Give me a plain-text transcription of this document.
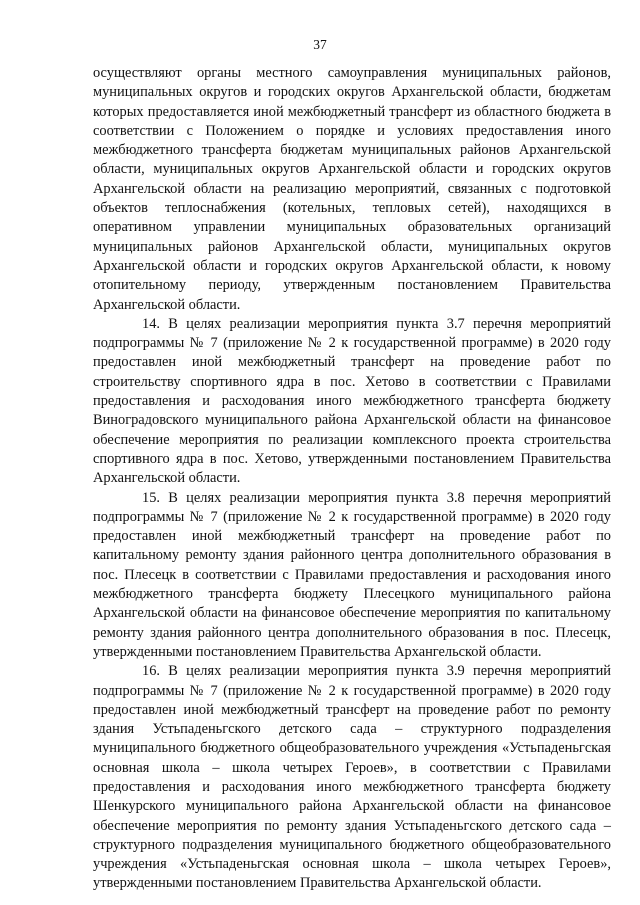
37

осуществляют органы местного самоуправления муниципальных районов, муниципальных округов и городских округов Архангельской области, бюджетам которых предоставляется иной межбюджетный трансферт из областного бюджета в соответствии с Положением о порядке и условиях предоставления иного межбюджетного трансферта бюджетам муниципальных районов Архангельской области, муниципальных округов Архангельской области и городских округов Архангельской области на реализацию мероприятий, связанных с подготовкой объектов теплоснабжения (котельных, тепловых сетей), находящихся в оперативном управлении муниципальных образовательных организаций муниципальных районов Архангельской области, муниципальных округов Архангельской области и городских округов Архангельской области, к новому отопительному периоду, утвержденным постановлением Правительства Архангельской области.

14. В целях реализации мероприятия пункта 3.7 перечня мероприятий подпрограммы № 7 (приложение № 2 к государственной программе) в 2020 году предоставлен иной межбюджетный трансферт на проведение работ по строительству спортивного ядра в пос. Хетово в соответствии с Правилами предоставления и расходования иного межбюджетного трансферта бюджету Виноградовского муниципального района Архангельской области на финансовое обеспечение мероприятия по реализации комплексного проекта строительства спортивного ядра в пос. Хетово, утвержденными постановлением Правительства Архангельской области.

15. В целях реализации мероприятия пункта 3.8 перечня мероприятий подпрограммы № 7 (приложение № 2 к государственной программе) в 2020 году предоставлен иной межбюджетный трансферт на проведение работ по капитальному ремонту здания районного центра дополнительного образования в пос. Плесецк в соответствии с Правилами предоставления и расходования иного межбюджетного трансферта бюджету Плесецкого муниципального района Архангельской области на финансовое обеспечение мероприятия по капитальному ремонту здания районного центра дополнительного образования в пос. Плесецк, утвержденными постановлением Правительства Архангельской области.

16. В целях реализации мероприятия пункта 3.9 перечня мероприятий подпрограммы № 7 (приложение № 2 к государственной программе) в 2020 году предоставлен иной межбюджетный трансферт на проведение работ по ремонту здания Устьпаденьгского детского сада – структурного подразделения муниципального бюджетного общеобразовательного учреждения «Устьпаденьгская основная школа – школа четырех Героев», в соответствии с Правилами предоставления и расходования иного межбюджетного трансферта бюджету Шенкурского муниципального района Архангельской области на финансовое обеспечение мероприятия по ремонту здания Устьпаденьгского детского сада – структурного подразделения муниципального бюджетного общеобразовательного учреждения «Устьпаденьгская основная школа – школа четырех Героев», утвержденными постановлением Правительства Архангельской области.
